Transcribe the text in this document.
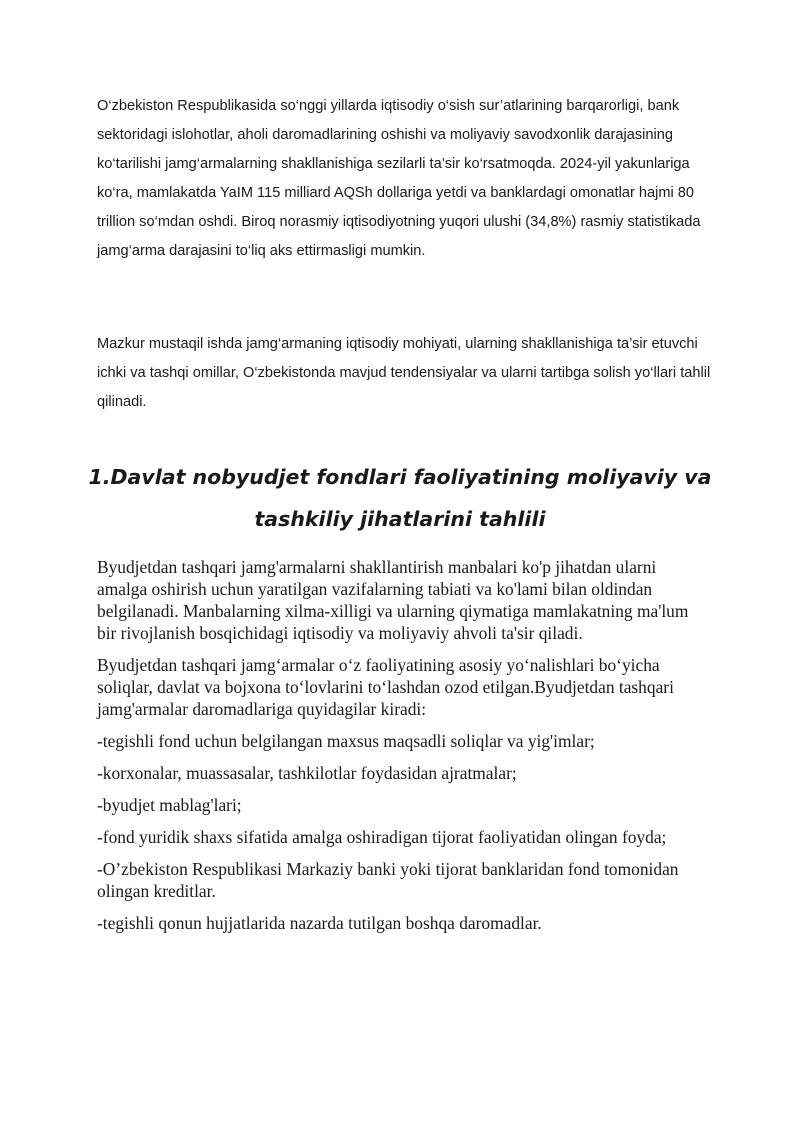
O‘zbekiston Respublikasida so‘nggi yillarda iqtisodiy o‘sish sur’atlarining barqarorligi, bank sektoridagi islohotlar, aholi daromadlarining oshishi va moliyaviy savodxonlik darajasining ko‘tarilishi jamg‘armalarning shakllanishiga sezilarli ta’sir ko‘rsatmoqda. 2024-yil yakunlariga ko‘ra, mamlakatda YaIM 115 milliard AQSh dollariga yetdi va banklardagi omonatlar hajmi 80 trillion so‘mdan oshdi. Biroq norasmiy iqtisodiyotning yuqori ulushi (34,8%) rasmiy statistikada jamg‘arma darajasini to‘liq aks ettirmasligi mumkin.

Mazkur mustaqil ishda jamg‘armaning iqtisodiy mohiyati, ularning shakllanishiga ta’sir etuvchi ichki va tashqi omillar, O‘zbekistonda mavjud tendensiyalar va ularni tartibga solish yo‘llari tahlil qilinadi.

1.Davlat nobyudjet fondlari faoliyatining moliyaviy va tashkiliy jihatlarini tahlili

Byudjetdan tashqari jamg'armalarni shakllantirish manbalari ko'p jihatdan ularni amalga oshirish uchun yaratilgan vazifalarning tabiati va ko'lami bilan oldindan belgilanadi. Manbalarning xilma-xilligi va ularning qiymatiga mamlakatning ma'lum bir rivojlanish bosqichidagi iqtisodiy va moliyaviy ahvoli ta'sir qiladi.

Byudjetdan tashqari jamg‘armalar o‘z faoliyatining asosiy yo‘nalishlari bo‘yicha soliqlar, davlat va bojxona to‘lovlarini to‘lashdan ozod etilgan.Byudjetdan tashqari jamg'armalar daromadlariga quyidagilar kiradi:

-tegishli fond uchun belgilangan maxsus maqsadli soliqlar va yig'imlar;

-korxonalar, muassasalar, tashkilotlar foydasidan ajratmalar;

-byudjet mablag'lari;

-fond yuridik shaxs sifatida amalga oshiradigan tijorat faoliyatidan olingan foyda;

-O’zbekiston Respublikasi Markaziy banki yoki tijorat banklaridan fond tomonidan olingan kreditlar.

-tegishli qonun hujjatlarida nazarda tutilgan boshqa daromadlar.
